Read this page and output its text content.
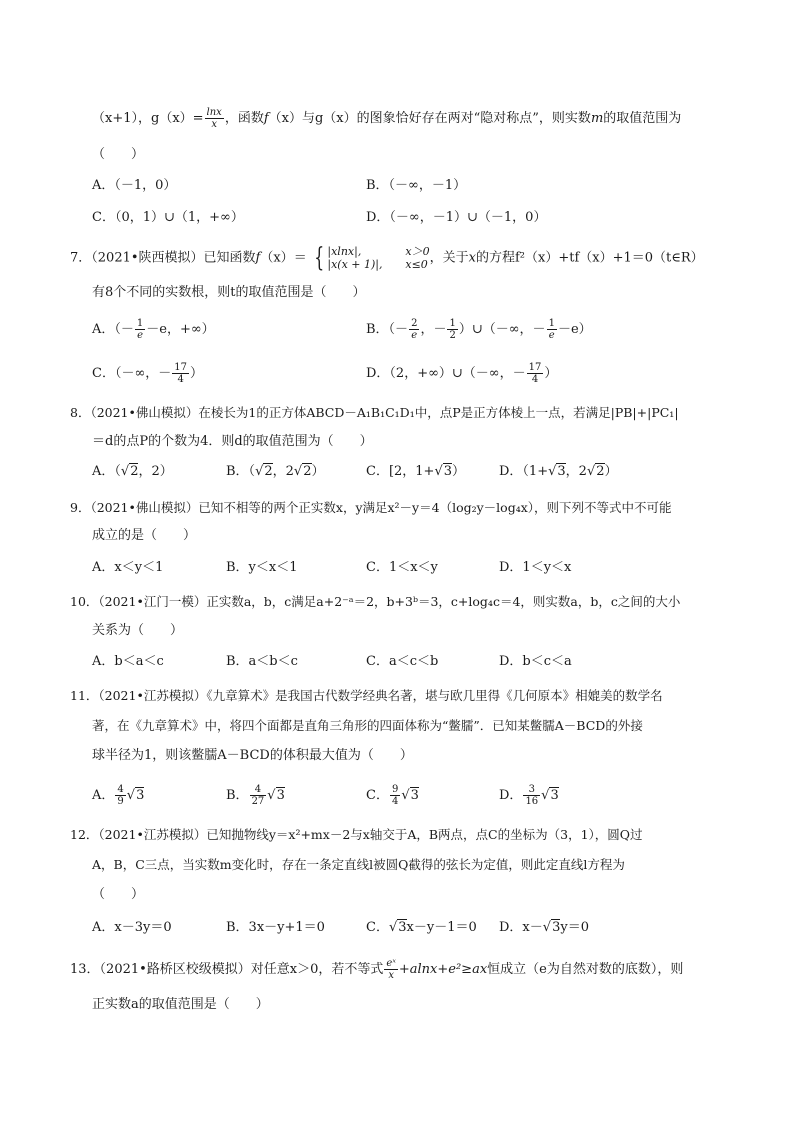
（x+1），$g(x)= \frac{\ln x}{x}$ ，函数f（x）与g（x）的图象恰好存在两对“隐对称点”，则实数m的取值范围为
（　　）
A．（－1，0）	B．（－∞，－1）
C．（0，1）∪（1，+∞）	D．（－∞，－1）∪（－1，0）
7．（2021•陕西模拟）已知函数f（x）＝ { |xlnx|,	x＞0
|x(x + 1)|, x≤0 ，关于x的方程f²（x）+tf（x）+1＝0（t∈R）
有8个不同的实数根，则t的取值范围是（　　）
A．（－ $\frac{1}{e} -e$，+∞）	B．（－ $\frac{2}{e}$ ，－ $\frac{1}{2}$ ）∪（－∞，－ $\frac{1}{e} -e$）
C．（－∞，－ $\frac{17}{4}$ ）	D．（2，+∞）∪（－∞，－ $\frac{17}{4}$ ）
8．（2021•佛山模拟）在棱长为1的正方体ABCD－A₁B₁C₁D₁中，点P是正方体棱上一点，若满足|PB|+|PC₁|
＝d的点P的个数为4．则d的取值范围为（　　）
A．（√2，2）	B．（√2，2√2）	C．[2，1+√3）	D．（1+√3，2√2）
9．（2021•佛山模拟）已知不相等的两个正实数x，y满足x²－y＝4（log₂y－log₄x），则下列不等式中不可能
成立的是（　　）
A．x＜y＜1	B．y＜x＜1	C．1＜x＜y	D．1＜y＜x
10．（2021•江门一模）正实数a，b，c满足a+2⁻ᵃ＝2，b+3ᵇ＝3，c+log₄c＝4，则实数a，b，c之间的大小
关系为（　　）
A．b＜a＜c	B．a＜b＜c	C．a＜c＜b	D．b＜c＜a
11．（2021•江苏模拟）《九章算术》是我国古代数学经典名著，堪与欧几里得《几何原本》相媲美的数学名
著，在《九章算术》中，将四个面都是直角三角形的四面体称为“鳖臑”．已知某鳖臑A－BCD的外接
球半径为1，则该鳖臑A－BCD的体积最大值为（　　）
A． $\frac{4}{9} √3$	B． $\frac{4}{27} √3$	C． $\frac{9}{4} √3$	D． $\frac{3}{16} √3$
12．（2021•江苏模拟）已知抛物线y＝x²+mx－2与x轴交于A，B两点，点C的坐标为（3，1），圆Q过
A，B，C三点，当实数m变化时，存在一条定直线l被圆Q截得的弦长为定值，则此定直线l方程为
（　　）
A．x－3y＝0	B．3x－y+1＝0	C．√3x－y－1＝0 D．x－√3y＝0
13．（2021•路桥区校级模拟）对任意x＞0，若不等式 $\frac{\text{eˣ}}{x} +alnx+e^2\ge ax$恒成立（e为自然对数的底数），则
正实数a的取值范围是（　　）
